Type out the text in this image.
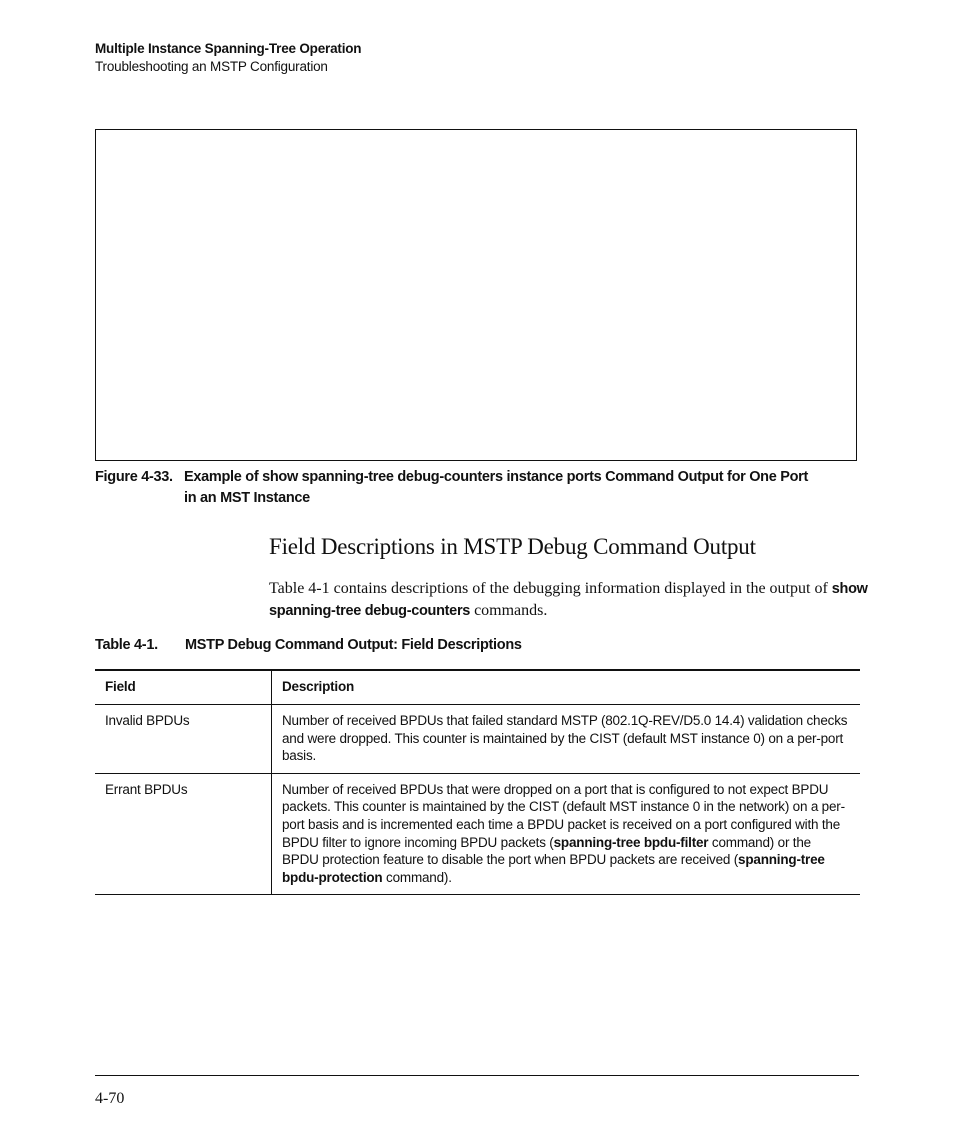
Multiple Instance Spanning-Tree Operation
Troubleshooting an MSTP Configuration
Figure 4-33. Example of show spanning-tree debug-counters instance ports Command Output for One Port
in an MST Instance
Field Descriptions in MSTP Debug Command Output
Table 4-1 contains descriptions of the debugging information displayed in the output of show spanning-tree debug-counters commands.
Table 4-1. MSTP Debug Command Output: Field Descriptions
Field	Description
Invalid BPDUs	Number of received BPDUs that failed standard MSTP (802.1Q-REV/D5.0 14.4) validation checks and were dropped. This counter is maintained by the CIST (default MST instance 0) on a per-port basis.
Errant BPDUs	Number of received BPDUs that were dropped on a port that is configured to not expect BPDU packets. This counter is maintained by the CIST (default MST instance 0 in the network) on a per-port basis and is incremented each time a BPDU packet is received on a port configured with the BPDU filter to ignore incoming BPDU packets (spanning-tree bpdu-filter command) or the BPDU protection feature to disable the port when BPDU packets are received (spanning-tree bpdu-protection command).
4-70
